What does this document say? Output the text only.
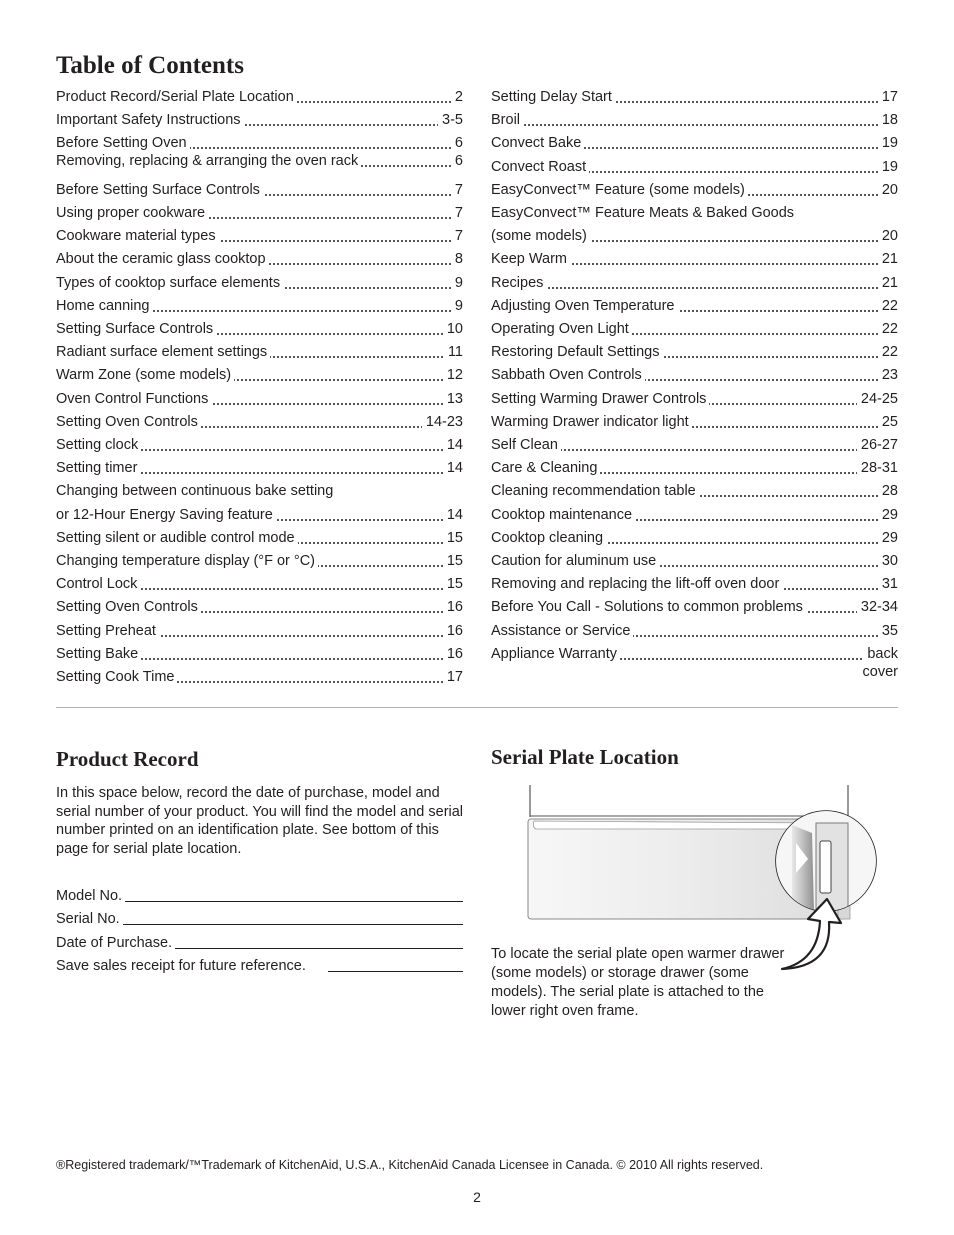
Table of Contents
Product Record/Serial Plate Location	2
Important Safety Instructions	3-5
Before Setting Oven	6
Removing, replacing & arranging the oven rack	6
Before Setting Surface Controls	7
Using proper cookware	7
Cookware material types	7
About the ceramic glass cooktop	8
Types of cooktop surface elements	9
Home canning	9
Setting Surface Controls	10
Radiant surface element settings	11
Warm Zone (some models)	12
Oven Control Functions	13
Setting Oven Controls	14-23
Setting clock	14
Setting timer	14
Changing between continuous bake setting
or 12-Hour Energy Saving feature	14
Setting silent or audible control mode	15
Changing temperature display (°F or °C)	15
Control Lock	15
Setting Oven Controls	16
Setting Preheat	16
Setting Bake	16
Setting Cook Time	17
Setting Delay Start	17
Broil	18
Convect Bake	19
Convect Roast	19
EasyConvect™ Feature (some models)	20
EasyConvect™ Feature Meats & Baked Goods
(some models)	20
Keep Warm	21
Recipes	21
Adjusting Oven Temperature	22
Operating Oven Light	22
Restoring Default Settings	22
Sabbath Oven Controls	23
Setting Warming Drawer Controls	24-25
Warming Drawer indicator light	25
Self Clean	26-27
Care & Cleaning	28-31
Cleaning recommendation table	28
Cooktop maintenance	29
Cooktop cleaning	29
Caution for aluminum use	30
Removing and replacing the lift-off oven door	31
Before You Call - Solutions to common problems	32-34
Assistance or Service	35
Appliance Warranty	back
cover
Product Record

In this space below, record the date of purchase, model and serial number of your product. You will find the model and serial number printed on an identification plate. See bottom of this page for serial plate location.

Model No.
Serial No.
Date of Purchase.
Save sales receipt for future reference.
Serial Plate Location

To locate the serial plate open warmer drawer (some models) or storage drawer (some models). The serial plate is attached to the lower right oven frame.

®Registered trademark/™Trademark of KitchenAid, U.S.A., KitchenAid Canada Licensee in Canada. © 2010 All rights reserved.
2
